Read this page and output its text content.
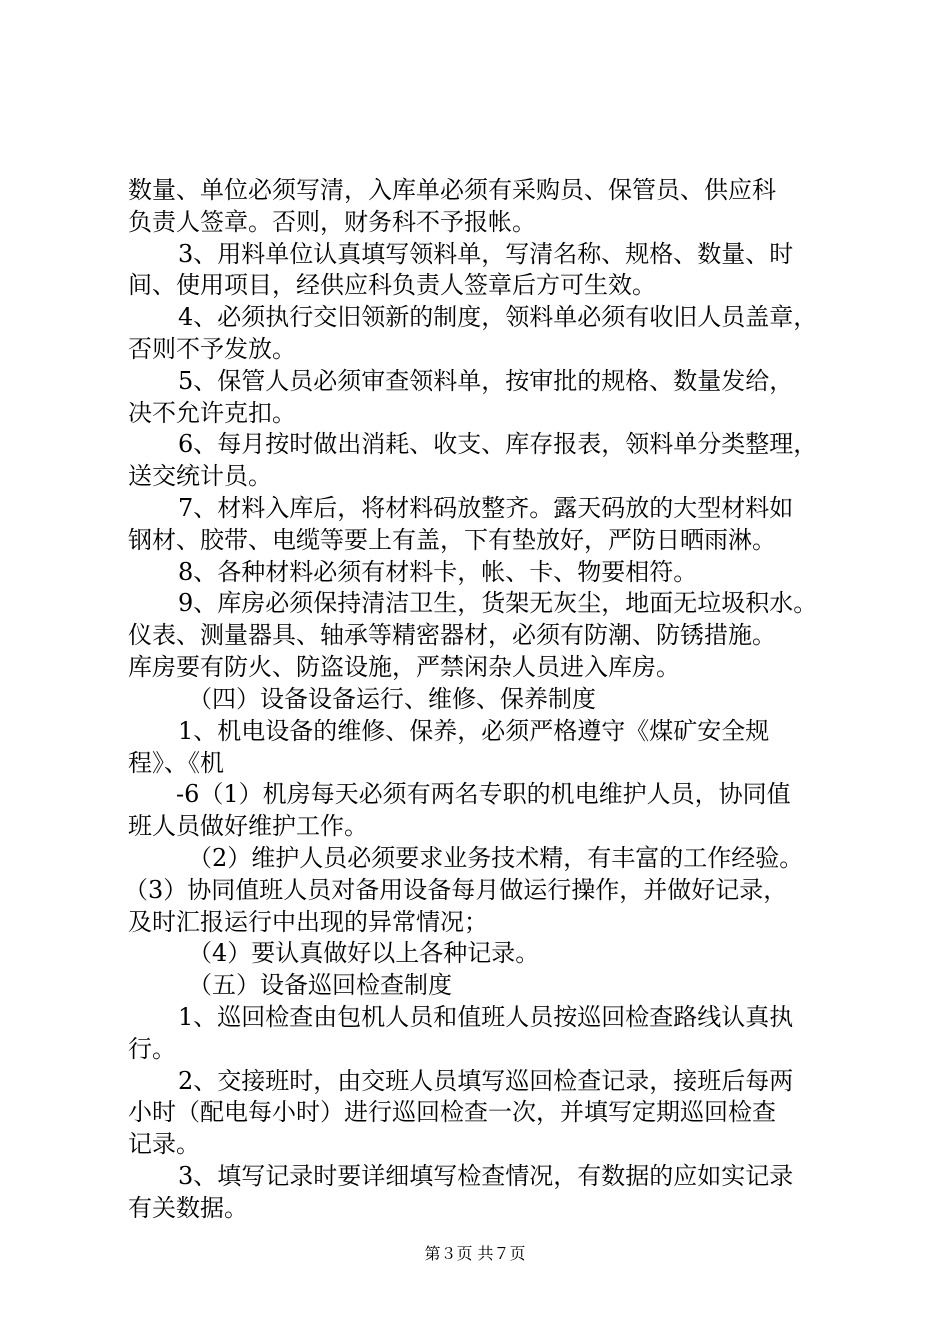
数量、单位必须写清，入库单必须有采购员、保管员、供应科
负责人签章。否则，财务科不予报帐。
3、用料单位认真填写领料单，写清名称、规格、数量、时
间、使用项目，经供应科负责人签章后方可生效。
4、必须执行交旧领新的制度，领料单必须有收旧人员盖章，
否则不予发放。
5、保管人员必须审查领料单，按审批的规格、数量发给，
决不允许克扣。
6、每月按时做出消耗、收支、库存报表，领料单分类整理，
送交统计员。
7、材料入库后，将材料码放整齐。露天码放的大型材料如
钢材、胶带、电缆等要上有盖，下有垫放好，严防日晒雨淋。
8、各种材料必须有材料卡，帐、卡、物要相符。
9、库房必须保持清洁卫生，货架无灰尘，地面无垃圾积水。
仪表、测量器具、轴承等精密器材，必须有防潮、防锈措施。
库房要有防火、防盗设施，严禁闲杂人员进入库房。
（四）设备设备运行、维修、保养制度
1、机电设备的维修、保养，必须严格遵守《煤矿安全规
程》、《机
-6（1）机房每天必须有两名专职的机电维护人员，协同值
班人员做好维护工作。
（2）维护人员必须要求业务技术精，有丰富的工作经验。
（3）协同值班人员对备用设备每月做运行操作，并做好记录，
及时汇报运行中出现的异常情况；
（4）要认真做好以上各种记录。
（五）设备巡回检查制度
1、巡回检查由包机人员和值班人员按巡回检查路线认真执
行。
2、交接班时，由交班人员填写巡回检查记录，接班后每两
小时（配电每小时）进行巡回检查一次，并填写定期巡回检查
记录。
3、填写记录时要详细填写检查情况，有数据的应如实记录
有关数据。
第３页 共７页
